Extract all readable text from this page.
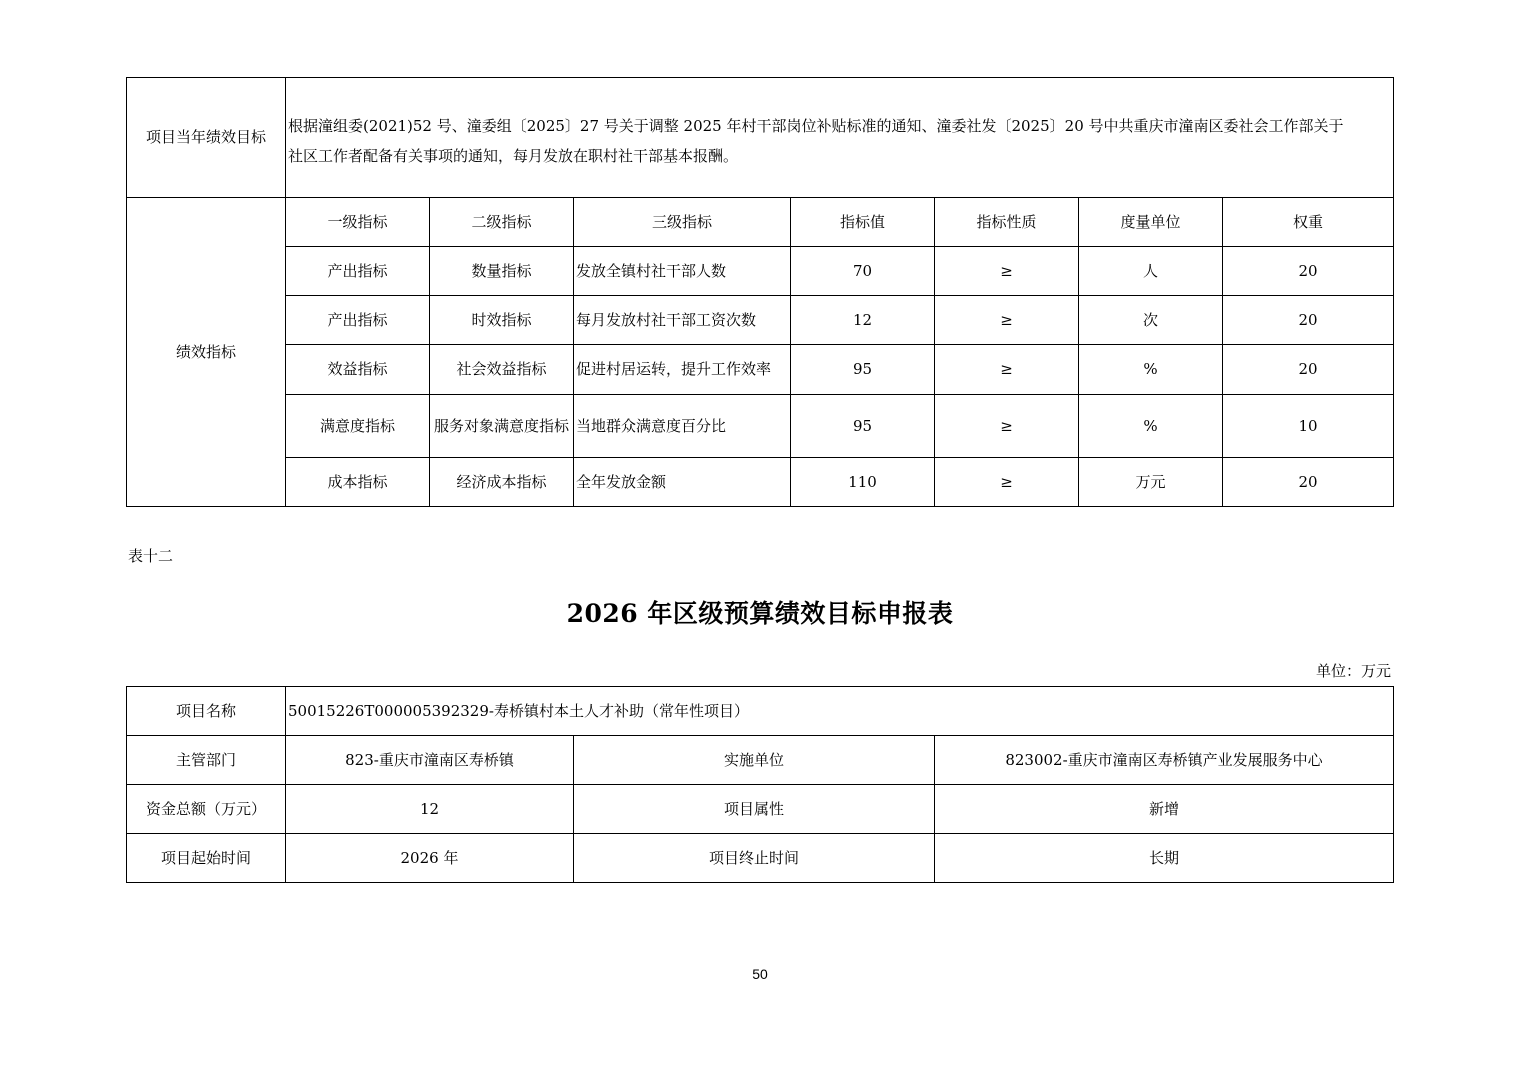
项目当年绩效目标	根据潼组委(2021)52 号、潼委组〔2025〕27 号关于调整 2025 年村干部岗位补贴标准的通知、潼委社发〔2025〕20 号中共重庆市潼南区委社会工作部关于社区工作者配备有关事项的通知，每月发放在职村社干部基本报酬。						
绩效指标	一级指标	二级指标	三级指标	指标值	指标性质	度量单位	权重
	产出指标	数量指标	发放全镇村社干部人数	70	≥	人	20
	产出指标	时效指标	每月发放村社干部工资次数	12	≥	次	20
	效益指标	社会效益指标	促进村居运转，提升工作效率	95	≥	%	20
	满意度指标	服务对象满意度指标	当地群众满意度百分比	95	≥	%	10
	成本指标	经济成本指标	全年发放金额	110	≥	万元	20
表十二
2026 年区级预算绩效目标申报表
单位：万元
项目名称	50015226T000005392329-寿桥镇村本土人才补助（常年性项目）		
主管部门	823-重庆市潼南区寿桥镇	实施单位	823002-重庆市潼南区寿桥镇产业发展服务中心
资金总额（万元）	12	项目属性	新增
项目起始时间	2026 年	项目终止时间	长期
50
